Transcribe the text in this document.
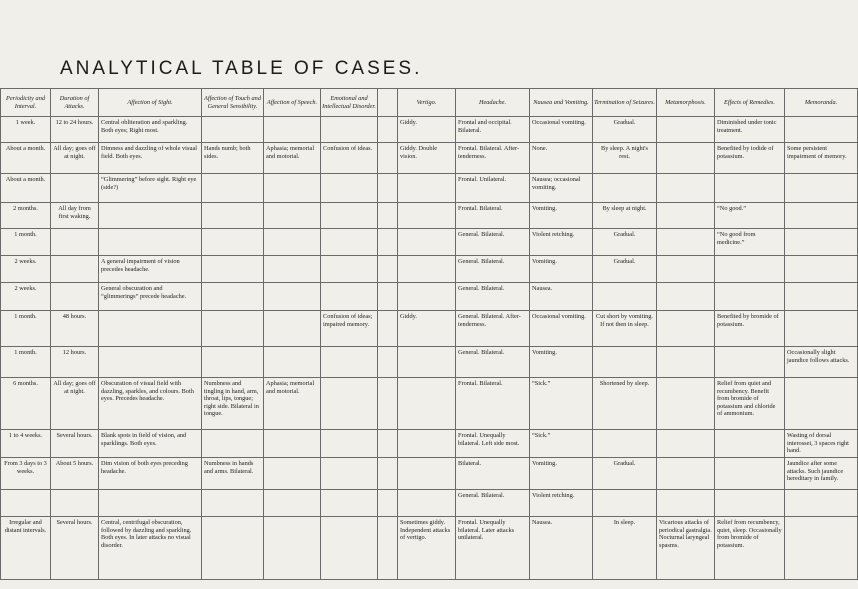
ANALYTICAL TABLE OF CASES.
Periodicity and Interval.	Duration of Attacks.	Affection of Sight.	Affection of Touch and General Sensibility.	Affection of Speech.	Emotional and Intellectual Disorder.		Vertigo.	Headache.	Nausea and Vomiting.	Termination of Seizures.	Metamorphosis.	Effects of Remedies.	Memoranda.
1 week.	12 to 24 hours.	Central obliteration and sparkling. Both eyes; Right most.					Giddy.	Frontal and occipital. Bilateral.	Occasional vomiting.	Gradual.		Diminished under tonic treatment.	
About a month.	All day; goes off at night.	Dimness and dazzling of whole visual field. Both eyes.	Hands numb; both sides.	Aphasia; memorial and motorial.	Confusion of ideas.		Giddy. Double vision.	Frontal. Bilateral. After-tenderness.	None.	By sleep. A night's rest.		Benefited by iodide of potassium.	Some persistent impairment of memory.
About a month.		“Glimmering” before sight. Right eye (side?)						Frontal. Unilateral.	Nausea; occasional vomiting.				
2 months.	All day from first waking.							Frontal. Bilateral.	Vomiting.	By sleep at night.		“No good.”	
1 month.								General. Bilateral.	Violent retching.	Gradual.		“No good from medicine.”	
2 weeks.		A general impairment of vision precedes headache.						General. Bilateral.	Vomiting.	Gradual.			
2 weeks.		General obscuration and “glimmerings” precede headache.						General. Bilateral.	Nausea.				
1 month.	48 hours.				Confusion of ideas; impaired memory.		Giddy.	General. Bilateral. After-tenderness.	Occasional vomiting.	Cut short by vomiting. If not then in sleep.		Benefited by bromide of potassium.	
1 month.	12 hours.							General. Bilateral.	Vomiting.				Occasionally slight jaundice follows attacks.
6 months.	All day; goes off at night.	Obscuration of visual field with dazzling, sparkles, and colours. Both eyes. Precedes headache.	Numbness and tingling in hand, arm, throat, lips, tongue; right side. Bilateral in tongue.	Aphasia; memorial and motorial.				Frontal. Bilateral.	“Sick.”	Shortened by sleep.		Relief from quiet and recumbency. Benefit from bromide of potassium and chloride of ammonium.	
1 to 4 weeks.	Several hours.	Blank spots in field of vision, and sparklings. Both eyes.						Frontal. Unequally bilateral. Left side most.	“Sick.”				Wasting of dorsal interossei, 3 spaces right hand.
From 3 days to 3 weeks.	About 5 hours.	Dim vision of both eyes preceding headache.	Numbness in hands and arms. Bilateral.					Bilateral.	Vomiting.	Gradual.			Jaundice after some attacks. Such jaundice hereditary in family.
								General. Bilateral.	Violent retching.				
Irregular and distant intervals.	Several hours.	Central, centrifugal obscuration, followed by dazzling and sparkling. Both eyes. In later attacks no visual disorder.					Sometimes giddy. Independent attacks of vertigo.	Frontal. Unequally bilateral. Later attacks unilateral.	Nausea.	In sleep.	Vicarious attacks of periodical gastralgia. Nocturnal laryngeal spasms.	Relief from recumbency, quiet, sleep. Occasionally from bromide of potassium.	
